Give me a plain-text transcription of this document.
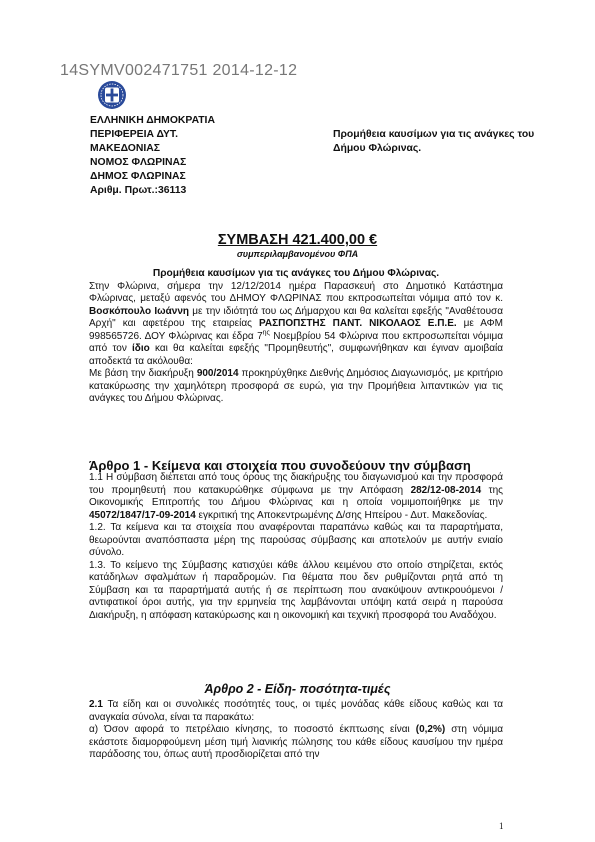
14SYMV002471751 2014-12-12
ΕΛΛΗΝΙΚΗ ΔΗΜΟΚΡΑΤΙΑ
ΠΕΡΙΦΕΡΕΙΑ ΔΥΤ.
ΜΑΚΕΔΟΝΙΑΣ
ΝΟΜΟΣ ΦΛΩΡΙΝΑΣ
ΔΗΜΟΣ ΦΛΩΡΙΝΑΣ
Αριθμ. Πρωτ.:36113
Προμήθεια καυσίμων για τις ανάγκες του
Δήμου Φλώρινας.
ΣΥΜΒΑΣΗ 421.400,00 €
συμπεριλαμβανομένου ΦΠΑ

Προμήθεια καυσίμων για τις ανάγκες του Δήμου Φλώρινας.

Στην Φλώρινα, σήμερα την 12/12/2014 ημέρα Παρασκευή στο Δημοτικό Κατάστημα Φλώρινας, μεταξύ αφενός του ΔΗΜΟΥ ΦΛΩΡΙΝΑΣ που εκπροσωπείται νόμιμα από τον κ. Βοσκόπουλο Ιωάννη με την ιδιότητά του ως Δήμαρχου και θα καλείται εφεξής "Αναθέτουσα Αρχή" και αφετέρου της εταιρείας ΡΑΣΠΟΠΣΤΗΣ ΠΑΝΤ. ΝΙΚΟΛΑΟΣ Ε.Π.Ε. με ΑΦΜ 998565726. ΔΟΥ Φλώρινας και έδρα $7^{\eta\varsigma}$ Νοεμβρίου 54 Φλώρινα που εκπροσωπείται νόμιμα από τον ίδιο και θα καλείται εφεξής "Προμηθευτής", συμφωνήθηκαν και έγιναν αμοιβαία αποδεκτά τα ακόλουθα:

Με βάση την διακήρυξη 900/2014 προκηρύχθηκε Διεθνής Δημόσιος Διαγωνισμός, με κριτήριο κατακύρωσης την χαμηλότερη προσφορά σε ευρώ, για την Προμήθεια λιπαντικών για τις ανάγκες του Δήμου Φλώρινας.

Άρθρο 1 - Κείμενα και στοιχεία που συνοδεύουν την σύμβαση

1.1 Η σύμβαση διέπεται από τους όρους της διακήρυξης του διαγωνισμού και την προσφορά του προμηθευτή που κατακυρώθηκε σύμφωνα με την Απόφαση 282/12-08-2014 της Οικονομικής Επιτροπής του Δήμου Φλώρινας και η οποία νομιμοποιήθηκε με την 45072/1847/17-09-2014 εγκριτική της Αποκεντρωμένης Δ/σης Ηπείρου - Δυτ. Μακεδονίας.

1.2. Τα κείμενα και τα στοιχεία που αναφέρονται παραπάνω καθώς και τα παραρτήματα, θεωρούνται αναπόσπαστα μέρη της παρούσας σύμβασης και αποτελούν με αυτήν ενιαίο σύνολο.

1.3. Το κείμενο της Σύμβασης κατισχύει κάθε άλλου κειμένου στο οποίο στηρίζεται, εκτός κατάδηλων σφαλμάτων ή παραδρομών. Για θέματα που δεν ρυθμίζονται ρητά από τη Σύμβαση και τα παραρτήματά αυτής ή σε περίπτωση που ανακύψουν αντικρουόμενοι / αντιφατικοί όροι αυτής, για την ερμηνεία της λαμβάνονται υπόψη κατά σειρά η παρούσα Διακήρυξη, η απόφαση κατακύρωσης και η οικονομική και τεχνική προσφορά του Αναδόχου.

Άρθρο 2 - Είδη- ποσότητα-τιμές

2.1 Τα είδη και οι συνολικές ποσότητές τους, οι τιμές μονάδας κάθε είδους καθώς και τα αναγκαία σύνολα, είναι τα παρακάτω:

α) Όσον αφορά το πετρέλαιο κίνησης, το ποσοστό έκπτωσης είναι (0,2%) στη νόμιμα εκάστοτε διαμορφούμενη μέση τιμή λιανικής πώλησης του κάθε είδους καυσίμου την ημέρα παράδοσης του, όπως αυτή προσδιορίζεται από την

1
